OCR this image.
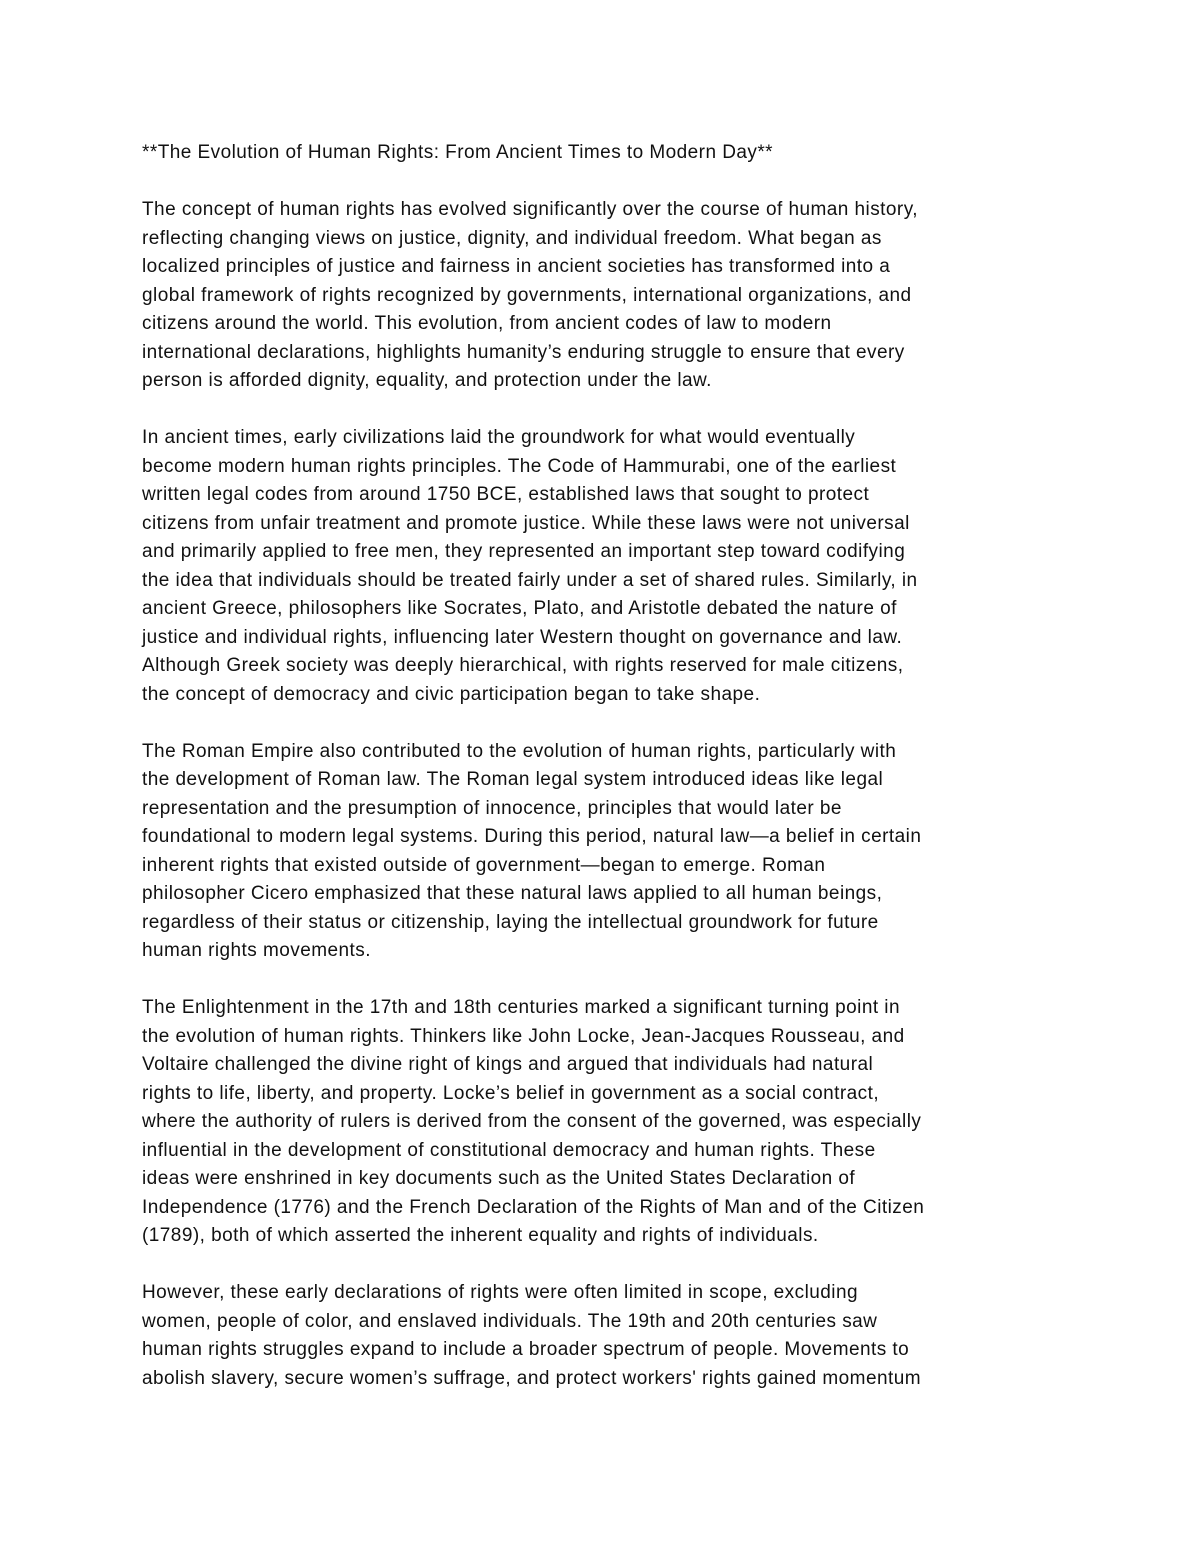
**The Evolution of Human Rights: From Ancient Times to Modern Day**

The concept of human rights has evolved significantly over the course of human history,
reflecting changing views on justice, dignity, and individual freedom. What began as
localized principles of justice and fairness in ancient societies has transformed into a
global framework of rights recognized by governments, international organizations, and
citizens around the world. This evolution, from ancient codes of law to modern
international declarations, highlights humanity’s enduring struggle to ensure that every
person is afforded dignity, equality, and protection under the law.

In ancient times, early civilizations laid the groundwork for what would eventually
become modern human rights principles. The Code of Hammurabi, one of the earliest
written legal codes from around 1750 BCE, established laws that sought to protect
citizens from unfair treatment and promote justice. While these laws were not universal
and primarily applied to free men, they represented an important step toward codifying
the idea that individuals should be treated fairly under a set of shared rules. Similarly, in
ancient Greece, philosophers like Socrates, Plato, and Aristotle debated the nature of
justice and individual rights, influencing later Western thought on governance and law.
Although Greek society was deeply hierarchical, with rights reserved for male citizens,
the concept of democracy and civic participation began to take shape.

The Roman Empire also contributed to the evolution of human rights, particularly with
the development of Roman law. The Roman legal system introduced ideas like legal
representation and the presumption of innocence, principles that would later be
foundational to modern legal systems. During this period, natural law—a belief in certain
inherent rights that existed outside of government—began to emerge. Roman
philosopher Cicero emphasized that these natural laws applied to all human beings,
regardless of their status or citizenship, laying the intellectual groundwork for future
human rights movements.

The Enlightenment in the 17th and 18th centuries marked a significant turning point in
the evolution of human rights. Thinkers like John Locke, Jean-Jacques Rousseau, and
Voltaire challenged the divine right of kings and argued that individuals had natural
rights to life, liberty, and property. Locke’s belief in government as a social contract,
where the authority of rulers is derived from the consent of the governed, was especially
influential in the development of constitutional democracy and human rights. These
ideas were enshrined in key documents such as the United States Declaration of
Independence (1776) and the French Declaration of the Rights of Man and of the Citizen
(1789), both of which asserted the inherent equality and rights of individuals.

However, these early declarations of rights were often limited in scope, excluding
women, people of color, and enslaved individuals. The 19th and 20th centuries saw
human rights struggles expand to include a broader spectrum of people. Movements to
abolish slavery, secure women’s suffrage, and protect workers' rights gained momentum
